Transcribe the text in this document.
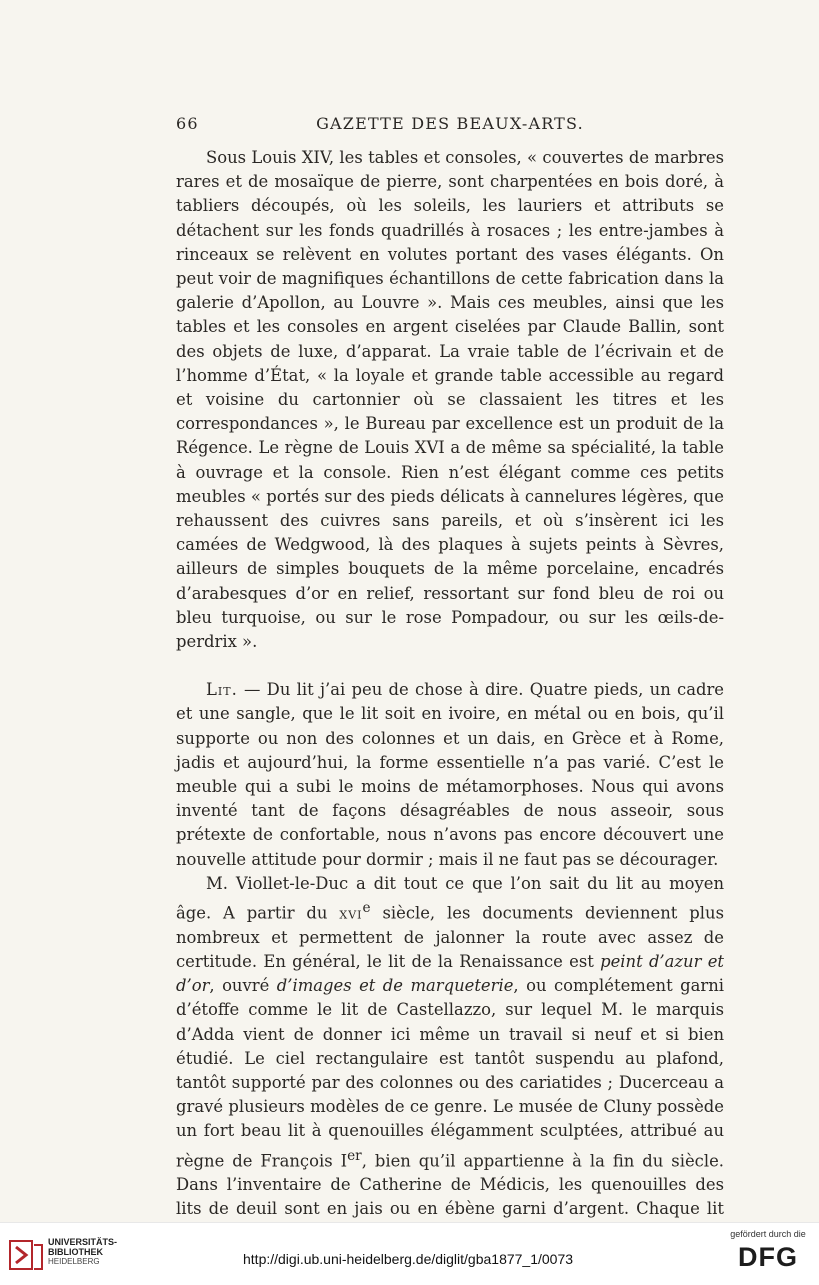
66	GAZETTE DES BEAUX-ARTS.

Sous Louis XIV, les tables et consoles, « couvertes de marbres rares et de mosaïque de pierre, sont charpentées en bois doré, à tabliers découpés, où les soleils, les lauriers et attributs se détachent sur les fonds quadrillés à rosaces ; les entre-jambes à rinceaux se relèvent en volutes portant des vases élégants. On peut voir de magnifiques échantillons de cette fabrication dans la galerie d’Apollon, au Louvre ». Mais ces meubles, ainsi que les tables et les consoles en argent ciselées par Claude Ballin, sont des objets de luxe, d’apparat. La vraie table de l’écrivain et de l’homme d’État, « la loyale et grande table accessible au regard et voisine du cartonnier où se classaient les titres et les correspondances », le Bureau par excellence est un produit de la Régence. Le règne de Louis XVI a de même sa spécialité, la table à ouvrage et la console. Rien n’est élégant comme ces petits meubles « portés sur des pieds délicats à cannelures légères, que rehaussent des cuivres sans pareils, et où s’insèrent ici les camées de Wedgwood, là des plaques à sujets peints à Sèvres, ailleurs de simples bouquets de la même porcelaine, encadrés d’arabesques d’or en relief, ressortant sur fond bleu de roi ou bleu turquoise, ou sur le rose Pompadour, ou sur les œils-de-perdrix ».

Lit. — Du lit j’ai peu de chose à dire. Quatre pieds, un cadre et une sangle, que le lit soit en ivoire, en métal ou en bois, qu’il supporte ou non des colonnes et un dais, en Grèce et à Rome, jadis et aujourd’hui, la forme essentielle n’a pas varié. C’est le meuble qui a subi le moins de métamorphoses. Nous qui avons inventé tant de façons désagréables de nous asseoir, sous prétexte de confortable, nous n’avons pas encore découvert une nouvelle attitude pour dormir ; mais il ne faut pas se décourager.

M. Viollet-le-Duc a dit tout ce que l’on sait du lit au moyen âge. A partir du xvi$^e$ siècle, les documents deviennent plus nombreux et permettent de jalonner la route avec assez de certitude. En général, le lit de la Renaissance est peint d’azur et d’or, ouvré d’images et de marqueterie, ou complétement garni d’étoffe comme le lit de Castellazzo, sur lequel M. le marquis d’Adda vient de donner ici même un travail si neuf et si bien étudié. Le ciel rectangulaire est tantôt suspendu au plafond, tantôt supporté par des colonnes ou des cariatides ; Ducerceau a gravé plusieurs modèles de ce genre. Le musée de Cluny possède un fort beau lit à quenouilles élégamment sculptées, attribué au règne de François Ier, bien qu’il appartienne à la fin du siècle. Dans l’inventaire de Catherine de Médicis, les quenouilles des lits de deuil sont en jais ou en ébène garni d’argent. Chaque lit

UNIVERSITÄTS-
BIBLIOTHEK
HEIDELBERG	http://digi.ub.uni-heidelberg.de/diglit/gba1877_1/0073
gefördert durch die
DFG
